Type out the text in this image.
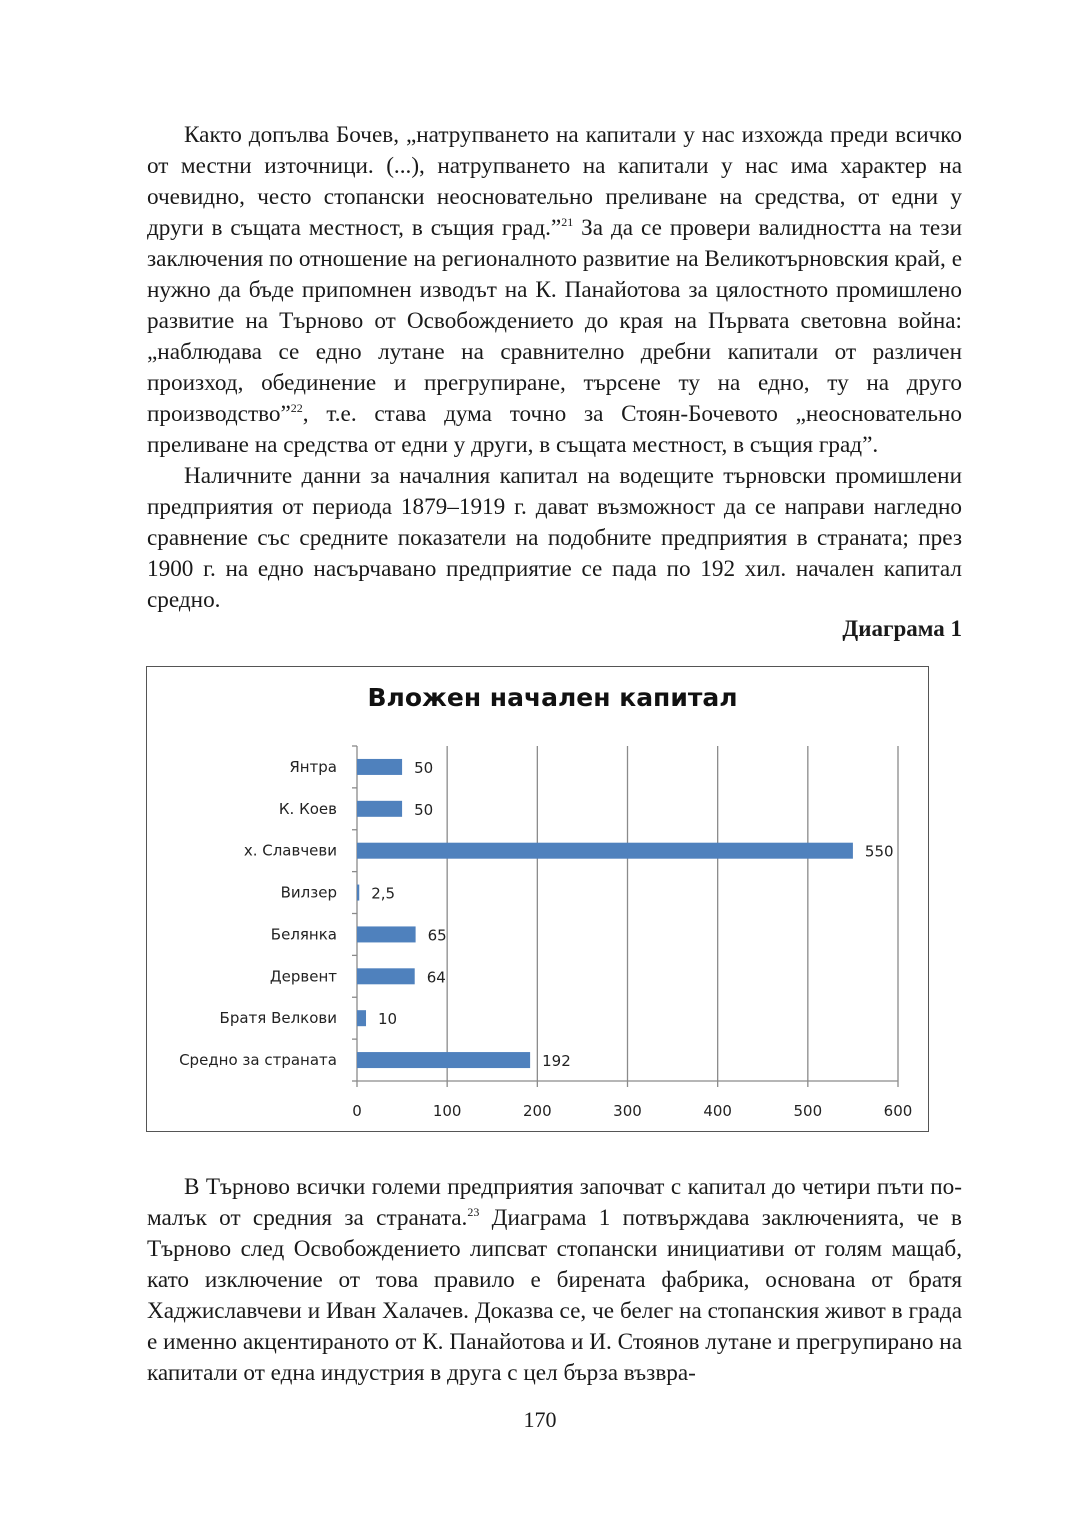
Както допълва Бочев, „натрупването на капитали у нас изхожда преди всичко от местни източници. (...), натрупването на капитали у нас има характер на очевидно, често стопански неосновательно преливане на средства, от едни у други в същата местност, в същия град.”$^{21}$ За да се провери валидността на тези заключения по отношение на регионалното развитие на Великотърновския край, е нужно да бъде припомнен изводът на К. Панайотова за цялостното промишлено развитие на Търново от Освобождението до края на Първата световна война: „наблюдава се едно лутане на сравнително дребни капитали от различен произход, обединение и прегрупиране, търсене ту на едно, ту на друго производство”$^{22}$, т.е. става дума точно за Стоян-Бочевото „неосновательно преливане на средства от едни у други, в същата местност, в същия град”.

Наличните данни за началния капитал на водещите търновски промишлени предприятия от периода 1879–1919 г. дават възможност да се направи нагледно сравнение със средните показатели на подобните предприятия в страната; през 1900 г. на едно насърчавано предприятие се пада по 192 хил. начален капитал средно.

Диаграма 1
Вложен начален капитал
0	100	200	300	400	500	600
Янтра	50
К. Коев	50
х. Славчеви	550
Вилзер 2,5
Белянка	65
Дервент	64
Братя Велкови	10
Средно за страната	192

В Търново всички големи предприятия започват с капитал до четири пъти по-малък от средния за страната.$^{23}$ Диаграма 1 потвърждава заключенията, че в Търново след Освобождението липсват стопански инициативи от голям мащаб, като изключение от това правило е бирената фабрика, основана от братя Хаджиславчеви и Иван Халачев. Доказва се, че белег на стопанския живот в града е именно акцентираното от К. Панайотова и И. Стоянов лутане и прегрупирано на капитали от една индустрия в друга с цел бърза възвра-

170
